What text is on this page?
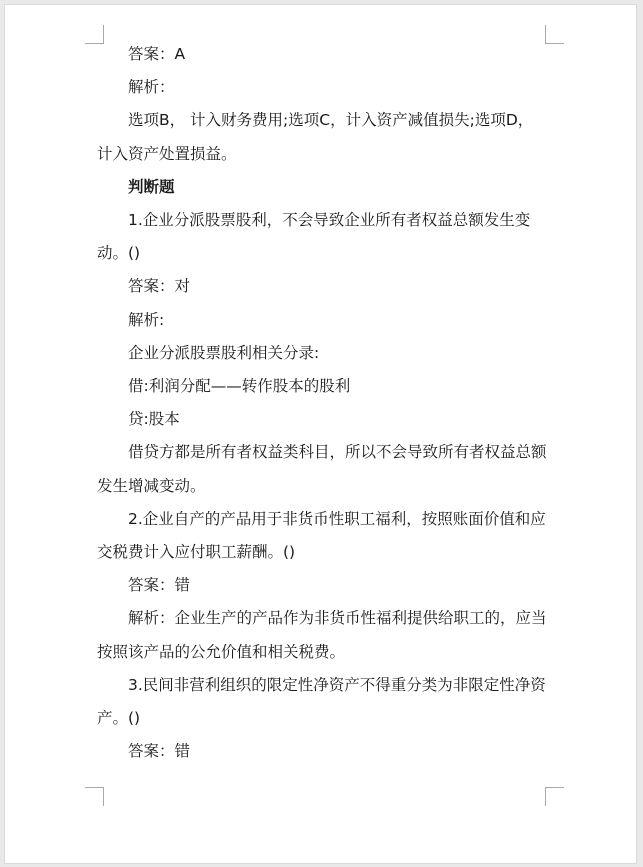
答案：A

解析：

选项B， 计入财务费用;选项C，计入资产减值损失;选项D，计入资产处置损益。

判断题

1.企业分派股票股利，不会导致企业所有者权益总额发生变动。()

答案：对

解析:

企业分派股票股利相关分录:

借:利润分配——转作股本的股利

贷:股本

借贷方都是所有者权益类科目，所以不会导致所有者权益总额发生增减变动。

2.企业自产的产品用于非货币性职工福利，按照账面价值和应交税费计入应付职工薪酬。()

答案：错

解析：企业生产的产品作为非货币性福利提供给职工的，应当按照该产品的公允价值和相关税费。

3.民间非营利组织的限定性净资产不得重分类为非限定性净资产。()

答案：错
